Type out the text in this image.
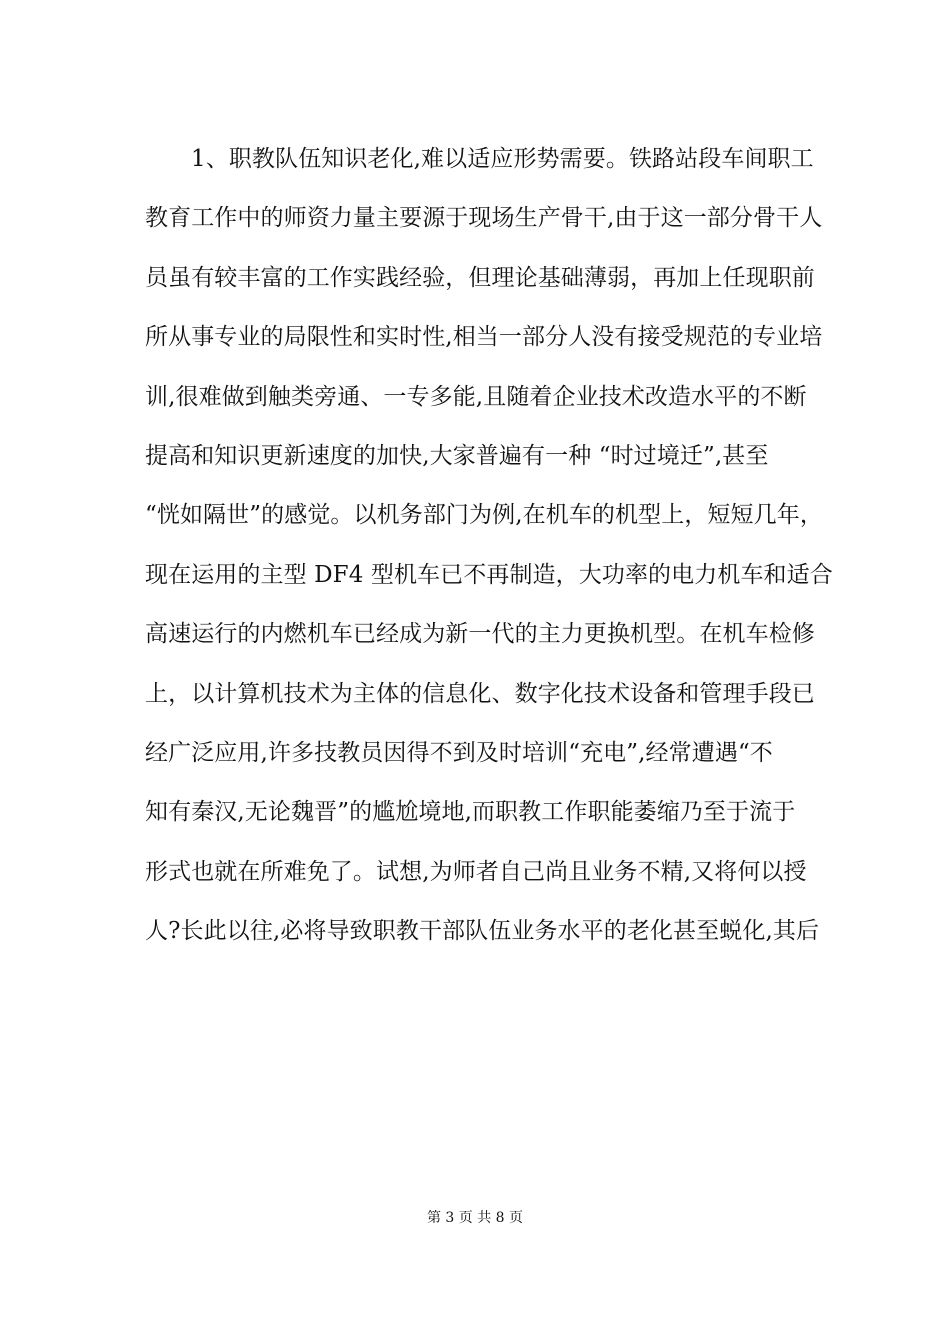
1、职教队伍知识老化,难以适应形势需要。铁路站段车间职工
教育工作中的师资力量主要源于现场生产骨干,由于这一部分骨干人
员虽有较丰富的工作实践经验，但理论基础薄弱，再加上任现职前
所从事专业的局限性和实时性,相当一部分人没有接受规范的专业培
训,很难做到触类旁通、一专多能,且随着企业技术改造水平的不断
提高和知识更新速度的加快,大家普遍有一种 “时过境迁”,甚至
“恍如隔世”的感觉。以机务部门为例,在机车的机型上，短短几年，
现在运用的主型 DF4 型机车已不再制造，大功率的电力机车和适合
高速运行的内燃机车已经成为新一代的主力更换机型。在机车检修
上，以计算机技术为主体的信息化、数字化技术设备和管理手段已
经广泛应用,许多技教员因得不到及时培训“充电”,经常遭遇“不
知有秦汉,无论魏晋”的尴尬境地,而职教工作职能萎缩乃至于流于
形式也就在所难免了。试想,为师者自己尚且业务不精,又将何以授
人?长此以往,必将导致职教干部队伍业务水平的老化甚至蜕化,其后
第 3 页 共 8 页
